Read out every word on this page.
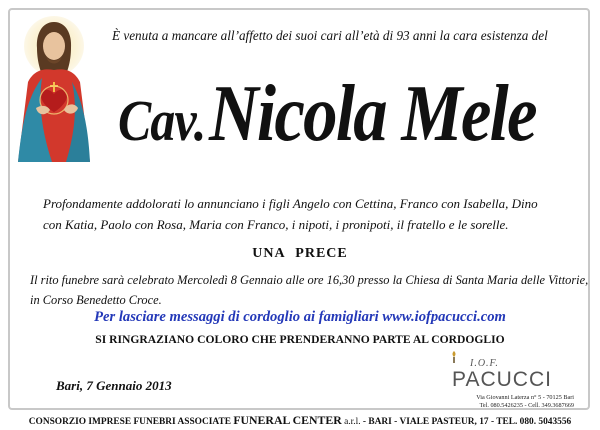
È venuta a mancare all’affetto dei suoi cari all’età di 93 anni la cara esistenza del
Cav. Nicola Mele
Profondamente addolorati lo annunciano i figli Angelo con Cettina, Franco con Isabella, Dino
con Katia, Paolo con Rosa, Maria con Franco, i nipoti, i pronipoti, il fratello e le sorelle.
UNA PRECE
Il rito funebre sarà celebrato Mercoledì 8 Gennaio alle ore 16,30 presso la Chiesa di Santa Maria delle Vittorie,
in Corso Benedetto Croce.
Per lasciare messaggi di cordoglio ai famigliari www.iofpacucci.com
SI RINGRAZIANO COLORO CHE PRENDERANNO PARTE AL CORDOGLIO
Bari, 7 Gennaio 2013
I.O.F.
PACUCCI
Via Giovanni Laterza n° 5 - 70125 Bari
Tel. 080.5426235 - Cell. 349.3687669
CONSORZIO IMPRESE FUNEBRI ASSOCIATE FUNERAL CENTER a.r.l. - BARI - VIALE PASTEUR, 17 - TEL. 080. 5043556
